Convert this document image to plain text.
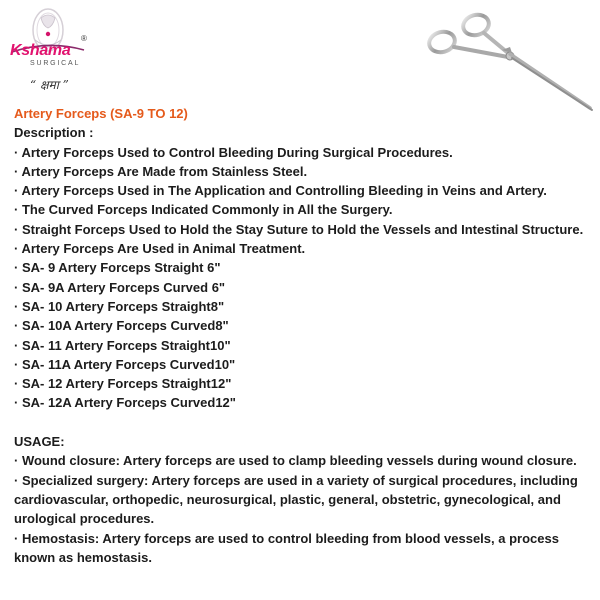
Kshama
®
SURGICAL
“ क्षमा ”

Artery Forceps (SA-9 TO 12)

Description :

· Artery Forceps Used to Control Bleeding During Surgical Procedures.

· Artery Forceps Are Made from Stainless Steel.

· Artery Forceps Used in The Application and Controlling Bleeding in Veins and Artery.

· The Curved Forceps Indicated Commonly in All the Surgery.

· Straight Forceps Used to Hold the Stay Suture to Hold the Vessels and Intestinal Structure.

· Artery Forceps Are Used in Animal Treatment.

· SA- 9 Artery Forceps Straight 6"

· SA- 9A Artery Forceps Curved 6"

· SA- 10 Artery Forceps Straight8"

· SA- 10A Artery Forceps Curved8"

· SA- 11 Artery Forceps Straight10"

· SA- 11A Artery Forceps Curved10"

· SA- 12 Artery Forceps Straight12"

· SA- 12A Artery Forceps Curved12"

USAGE:

· Wound closure: Artery forceps are used to clamp bleeding vessels during wound closure.

· Specialized surgery: Artery forceps are used in a variety of surgical procedures, including cardiovascular, orthopedic, neurosurgical, plastic, general, obstetric, gynecological, and urological procedures.

· Hemostasis: Artery forceps are used to control bleeding from blood vessels, a process known as hemostasis.
